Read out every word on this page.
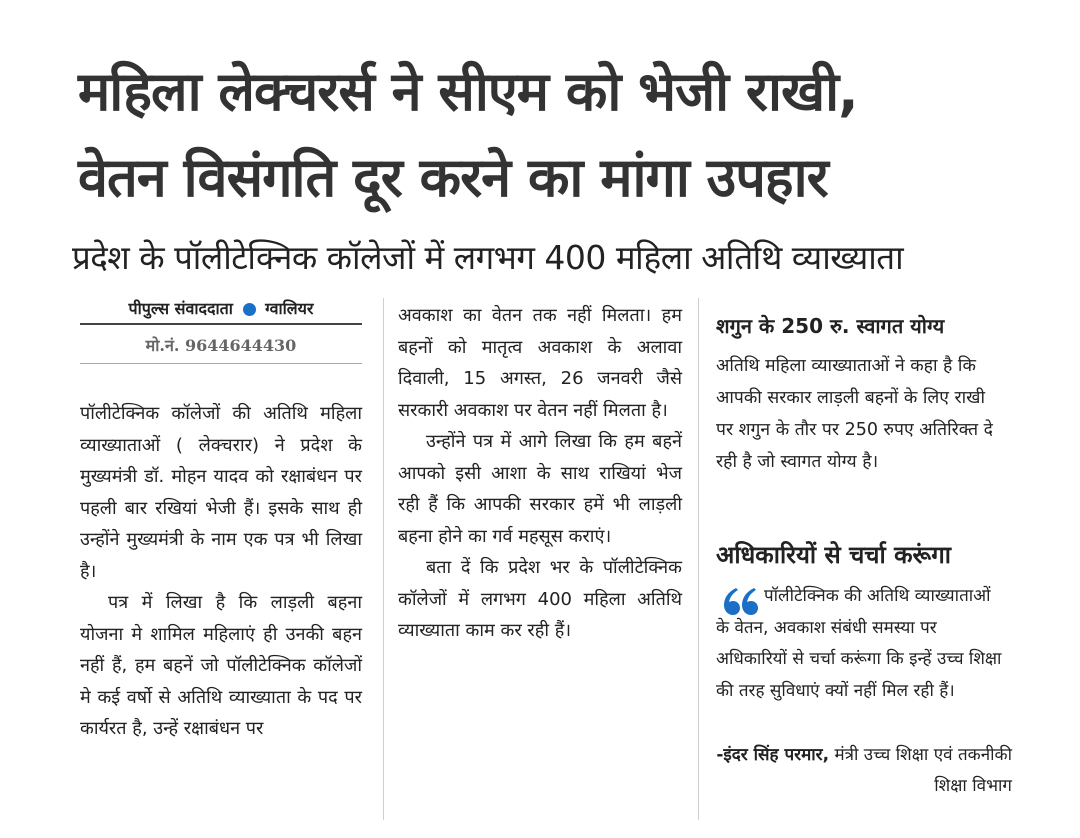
महिला लेक्चरर्स ने सीएम को भेजी राखी,
वेतन विसंगति दूर करने का मांगा उपहार
प्रदेश के पॉलीटेक्निक कॉलेजों में लगभग 400 महिला अतिथि व्याख्याता
पीपुल्स संवाददाता ग्वालियर
मो.नं. 9644644430

पॉलीटेक्निक कॉलेजों की अतिथि महिला व्याख्याताओं ( लेक्चरार) ने प्रदेश के मुख्यमंत्री डॉ. मोहन यादव को रक्षाबंधन पर पहली बार रखियां भेजी हैं। इसके साथ ही उन्होंने मुख्यमंत्री के नाम एक पत्र भी लिखा है।

पत्र में लिखा है कि लाड़ली बहना योजना मे शामिल महिलाएं ही उनकी बहन नहीं हैं, हम बहनें जो पॉलीटेक्निक कॉलेजों मे कई वर्षो से अतिथि व्याख्याता के पद पर कार्यरत है, उन्हें रक्षाबंधन पर

अवकाश का वेतन तक नहीं मिलता। हम बहनों को मातृत्व अवकाश के अलावा दिवाली, 15 अगस्त, 26 जनवरी जैसे सरकारी अवकाश पर वेतन नहीं मिलता है।

उन्होंने पत्र में आगे लिखा कि हम बहनें आपको इसी आशा के साथ राखियां भेज रही हैं कि आपकी सरकार हमें भी लाड़ली बहना होने का गर्व महसूस कराएं।

बता दें कि प्रदेश भर के पॉलीटेक्निक कॉलेजों में लगभग 400 महिला अतिथि व्याख्याता काम कर रही हैं।

शगुन के 250 रु. स्वागत योग्य
अतिथि महिला व्याख्याताओं ने कहा है कि आपकी सरकार लाड़ली बहनों के लिए राखी पर शगुन के तौर पर 250 रुपए अतिरिक्त दे रही है जो स्वागत योग्य है।
अधिकारियों से चर्चा करूंगा
पॉलीटेक्निक की अतिथि व्याख्याताओं के वेतन, अवकाश संबंधी समस्या पर अधिकारियों से चर्चा करूंगा कि इन्हें उच्च शिक्षा की तरह सुविधाएं क्यों नहीं मिल रही हैं।
-इंदर सिंह परमार, मंत्री उच्च शिक्षा एवं तकनीकी शिक्षा विभाग
